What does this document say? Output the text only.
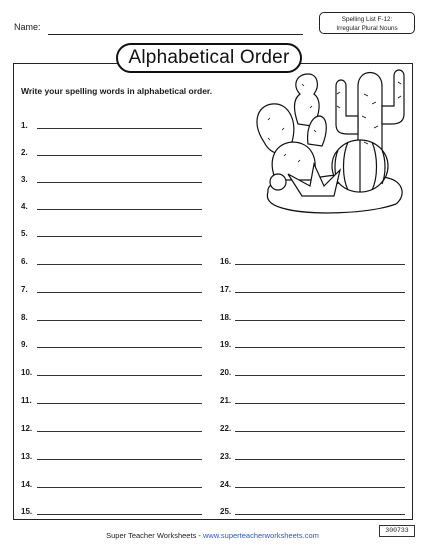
Name:
Spelling List F-12:
Irregular Plural Nouns
Alphabetical Order
Write your spelling words in alphabetical order.
1.
2.
3.
4.
5.
6.
7.
8.
9.
10.
11.
12.
13.
14.
15.
16.
17.
18.
19.
20.
21.
22.
23.
24.
25.
Super Teacher Worksheets - www.superteacherworksheets.com
300733
